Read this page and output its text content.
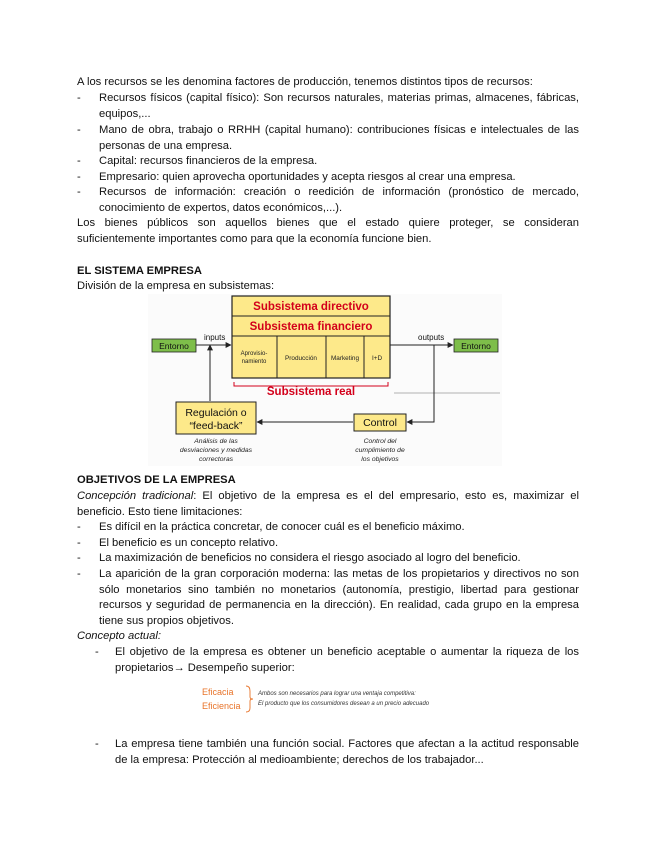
A los recursos se les denomina factores de producción, tenemos distintos tipos de recursos:

-	Recursos físicos (capital físico): Son recursos naturales, materias primas, almacenes, fábricas, equipos,...
-	Mano de obra, trabajo o RRHH (capital humano): contribuciones físicas e intelectuales de las personas de una empresa.
-	Capital: recursos financieros de la empresa.
-	Empresario: quien aprovecha oportunidades y acepta riesgos al crear una empresa.
-	Recursos de información: creación o reedición de información (pronóstico de mercado, conocimiento de expertos, datos económicos,...).

Los bienes públicos son aquellos bienes que el estado quiere proteger, se consideran suficientemente importantes como para que la economía funcione bien.

EL SISTEMA EMPRESA

División de la empresa en subsistemas:

Subsistema directivo
Subsistema financiero
Aprovisio-namiento	Producción Marketing I+D
Subsistema real
Entorno	Entorno
inputs	outputs
Regulación o
“feed-back”	Control
Análisis de las
desviaciones y medidas
correctoras
Control del
cumplimiento de
los objetivos

OBJETIVOS DE LA EMPRESA

Concepción tradicional: El objetivo de la empresa es el del empresario, esto es, maximizar el beneficio. Esto tiene limitaciones:

-	Es difícil en la práctica concretar, de conocer cuál es el beneficio máximo.
-	El beneficio es un concepto relativo.
-	La maximización de beneficios no considera el riesgo asociado al logro del beneficio.
-	La aparición de la gran corporación moderna: las metas de los propietarios y directivos no son sólo monetarios sino también no monetarios (autonomía, prestigio, libertad para gestionar recursos y seguridad de permanencia en la dirección). En realidad, cada grupo en la empresa tiene sus propios objetivos.

Concepto actual:

- El objetivo de la empresa es obtener un beneficio aceptable o aumentar la riqueza de los propietarios→ Desempeño superior:
Eficacia
Eficiencia
Ambos son necesarios para lograr una ventaja competitiva:
El producto que los consumidores desean a un precio adecuado
- La empresa tiene también una función social. Factores que afectan a la actitud responsable de la empresa: Protección al medioambiente; derechos de los trabajador...
